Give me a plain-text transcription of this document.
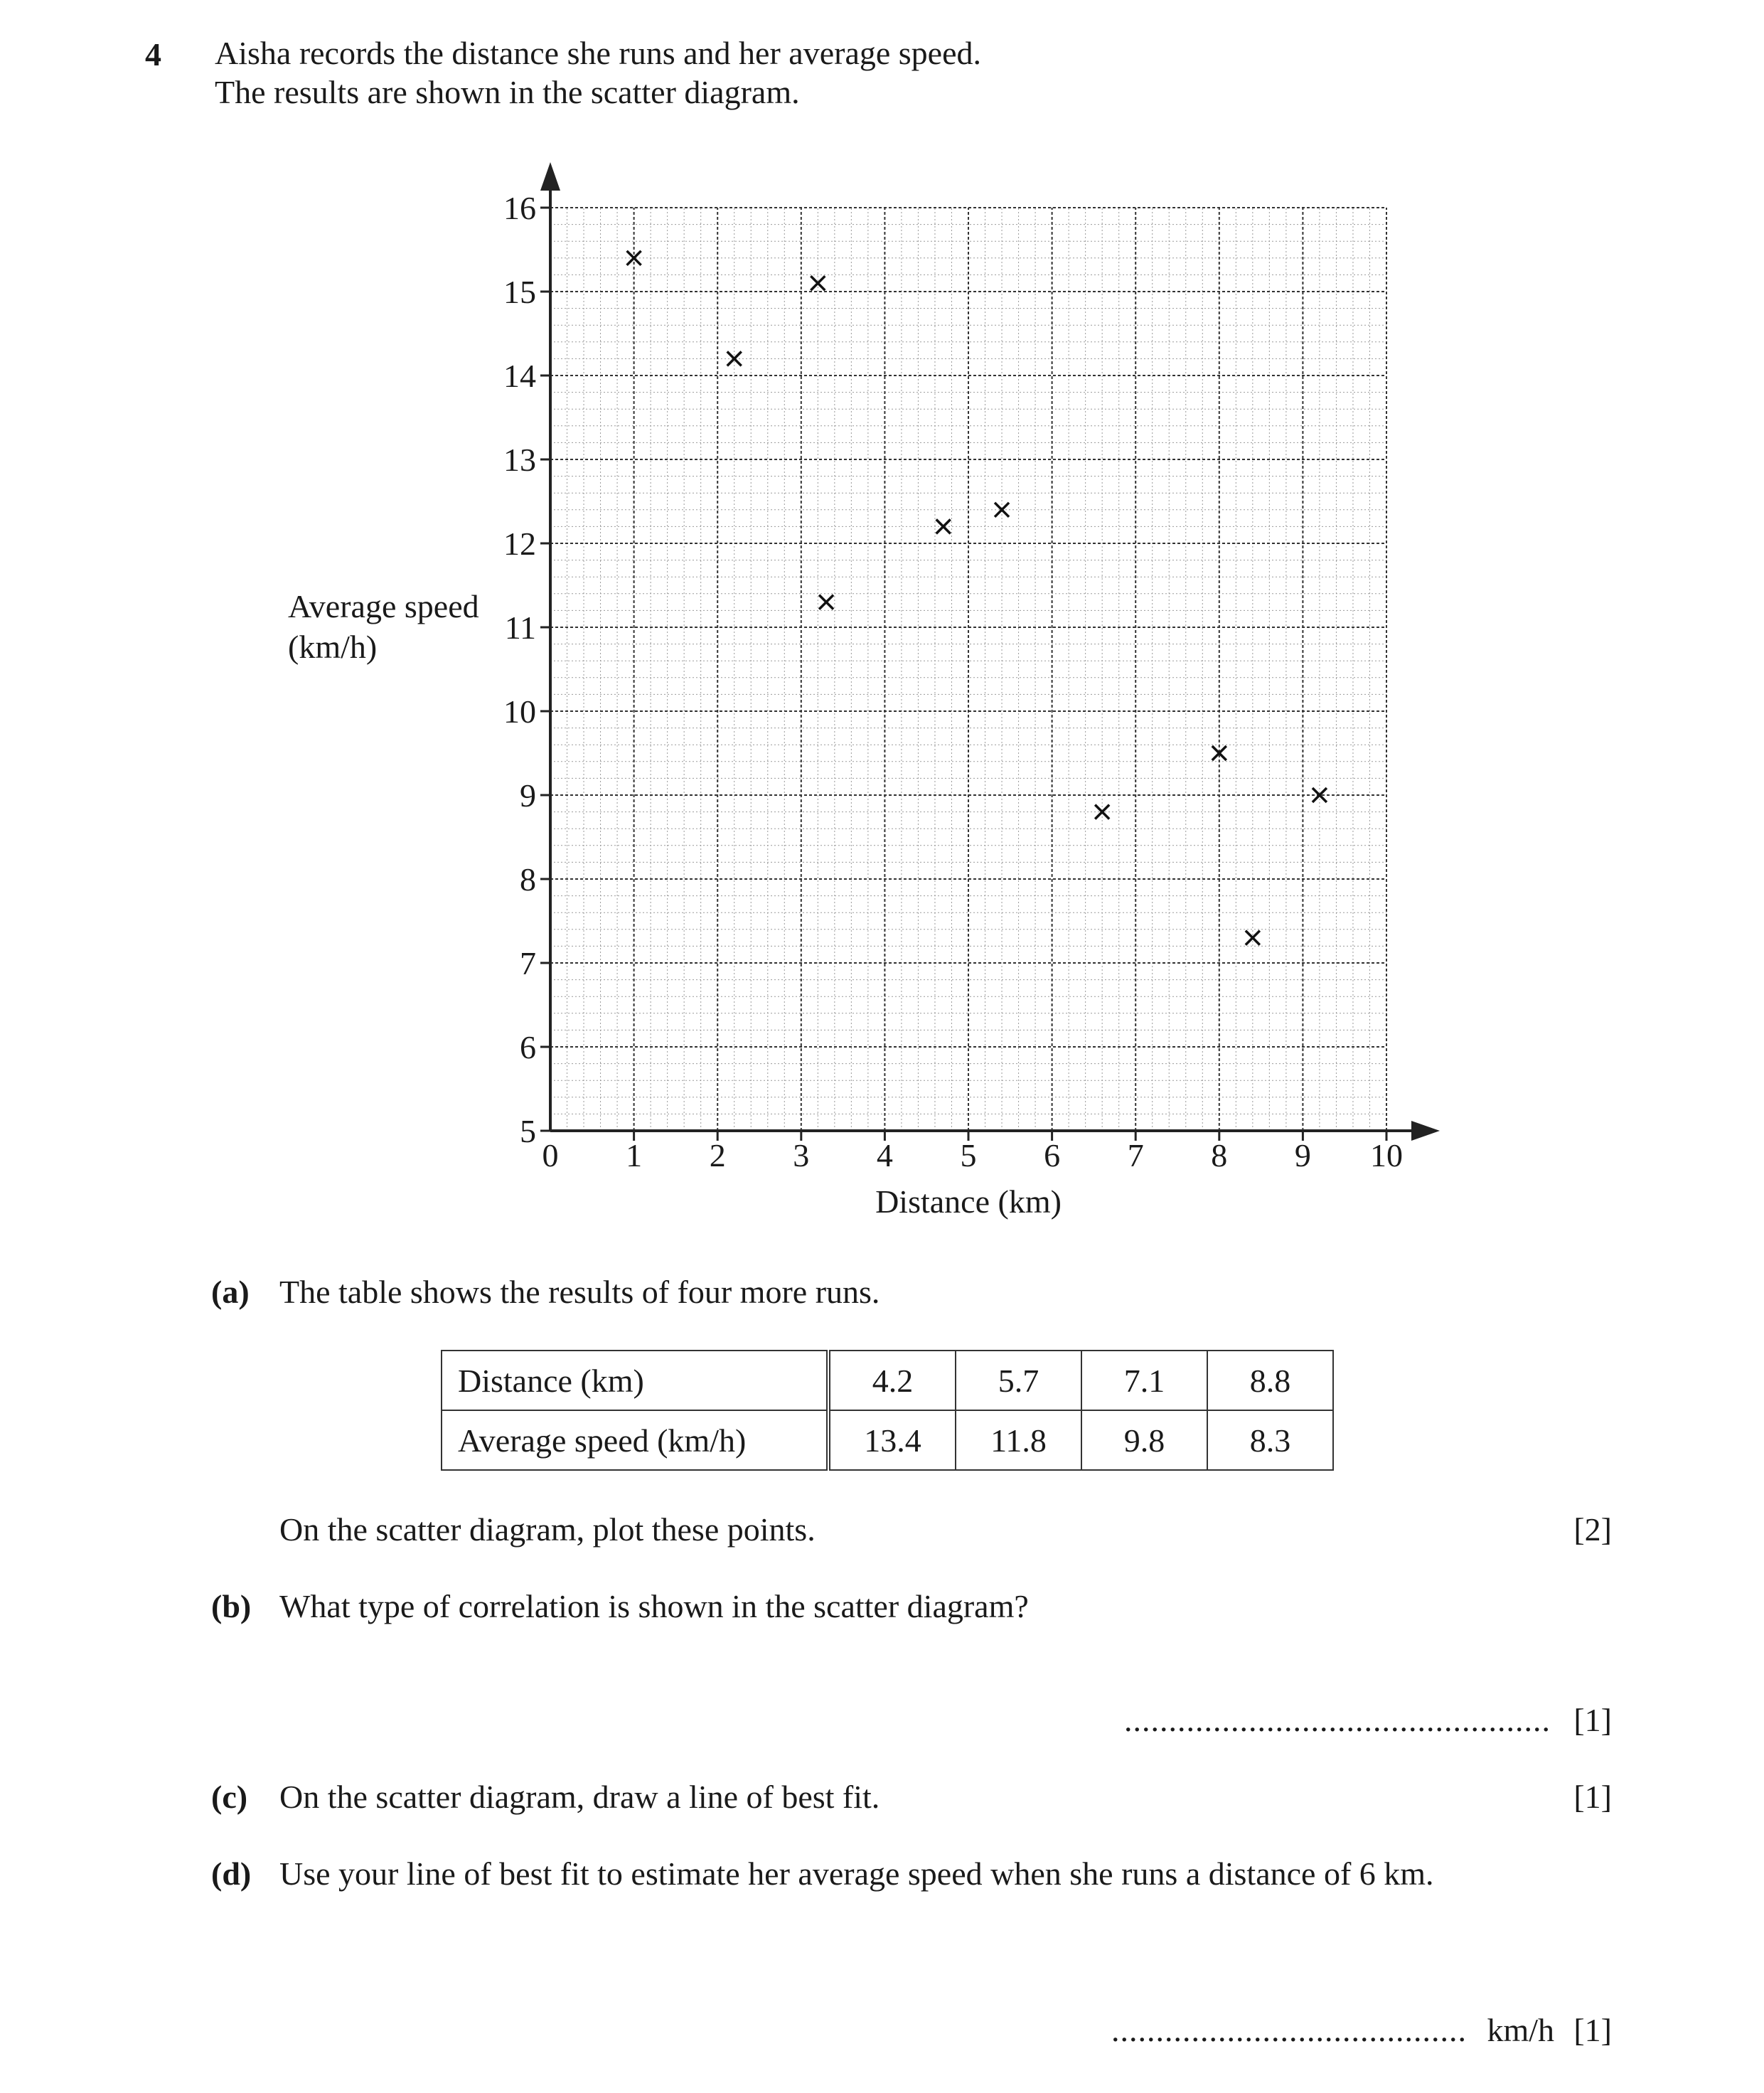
4 Aisha records the distance she runs and her average speed.
The results are shown in the scatter diagram.
5
6
7
8
9
10
11
12
13
14
15
16
0 1 2 3 4 5 6 7 8 9 10
Average speed
(km/h)
Distance (km)
(a) The table shows the results of four more runs.
Distance (km)	4.2	5.7	7.1	8.8
Average speed (km/h)	13.4	11.8	9.8	8.3
On the scatter diagram, plot these points.	[2]
(b) What type of correlation is shown in the scatter diagram?
................................................ [1]
(c) On the scatter diagram, draw a line of best fit.	[1]
(d) Use your line of best fit to estimate her average speed when she runs a distance of 6 km.
........................................ km/h [1]
